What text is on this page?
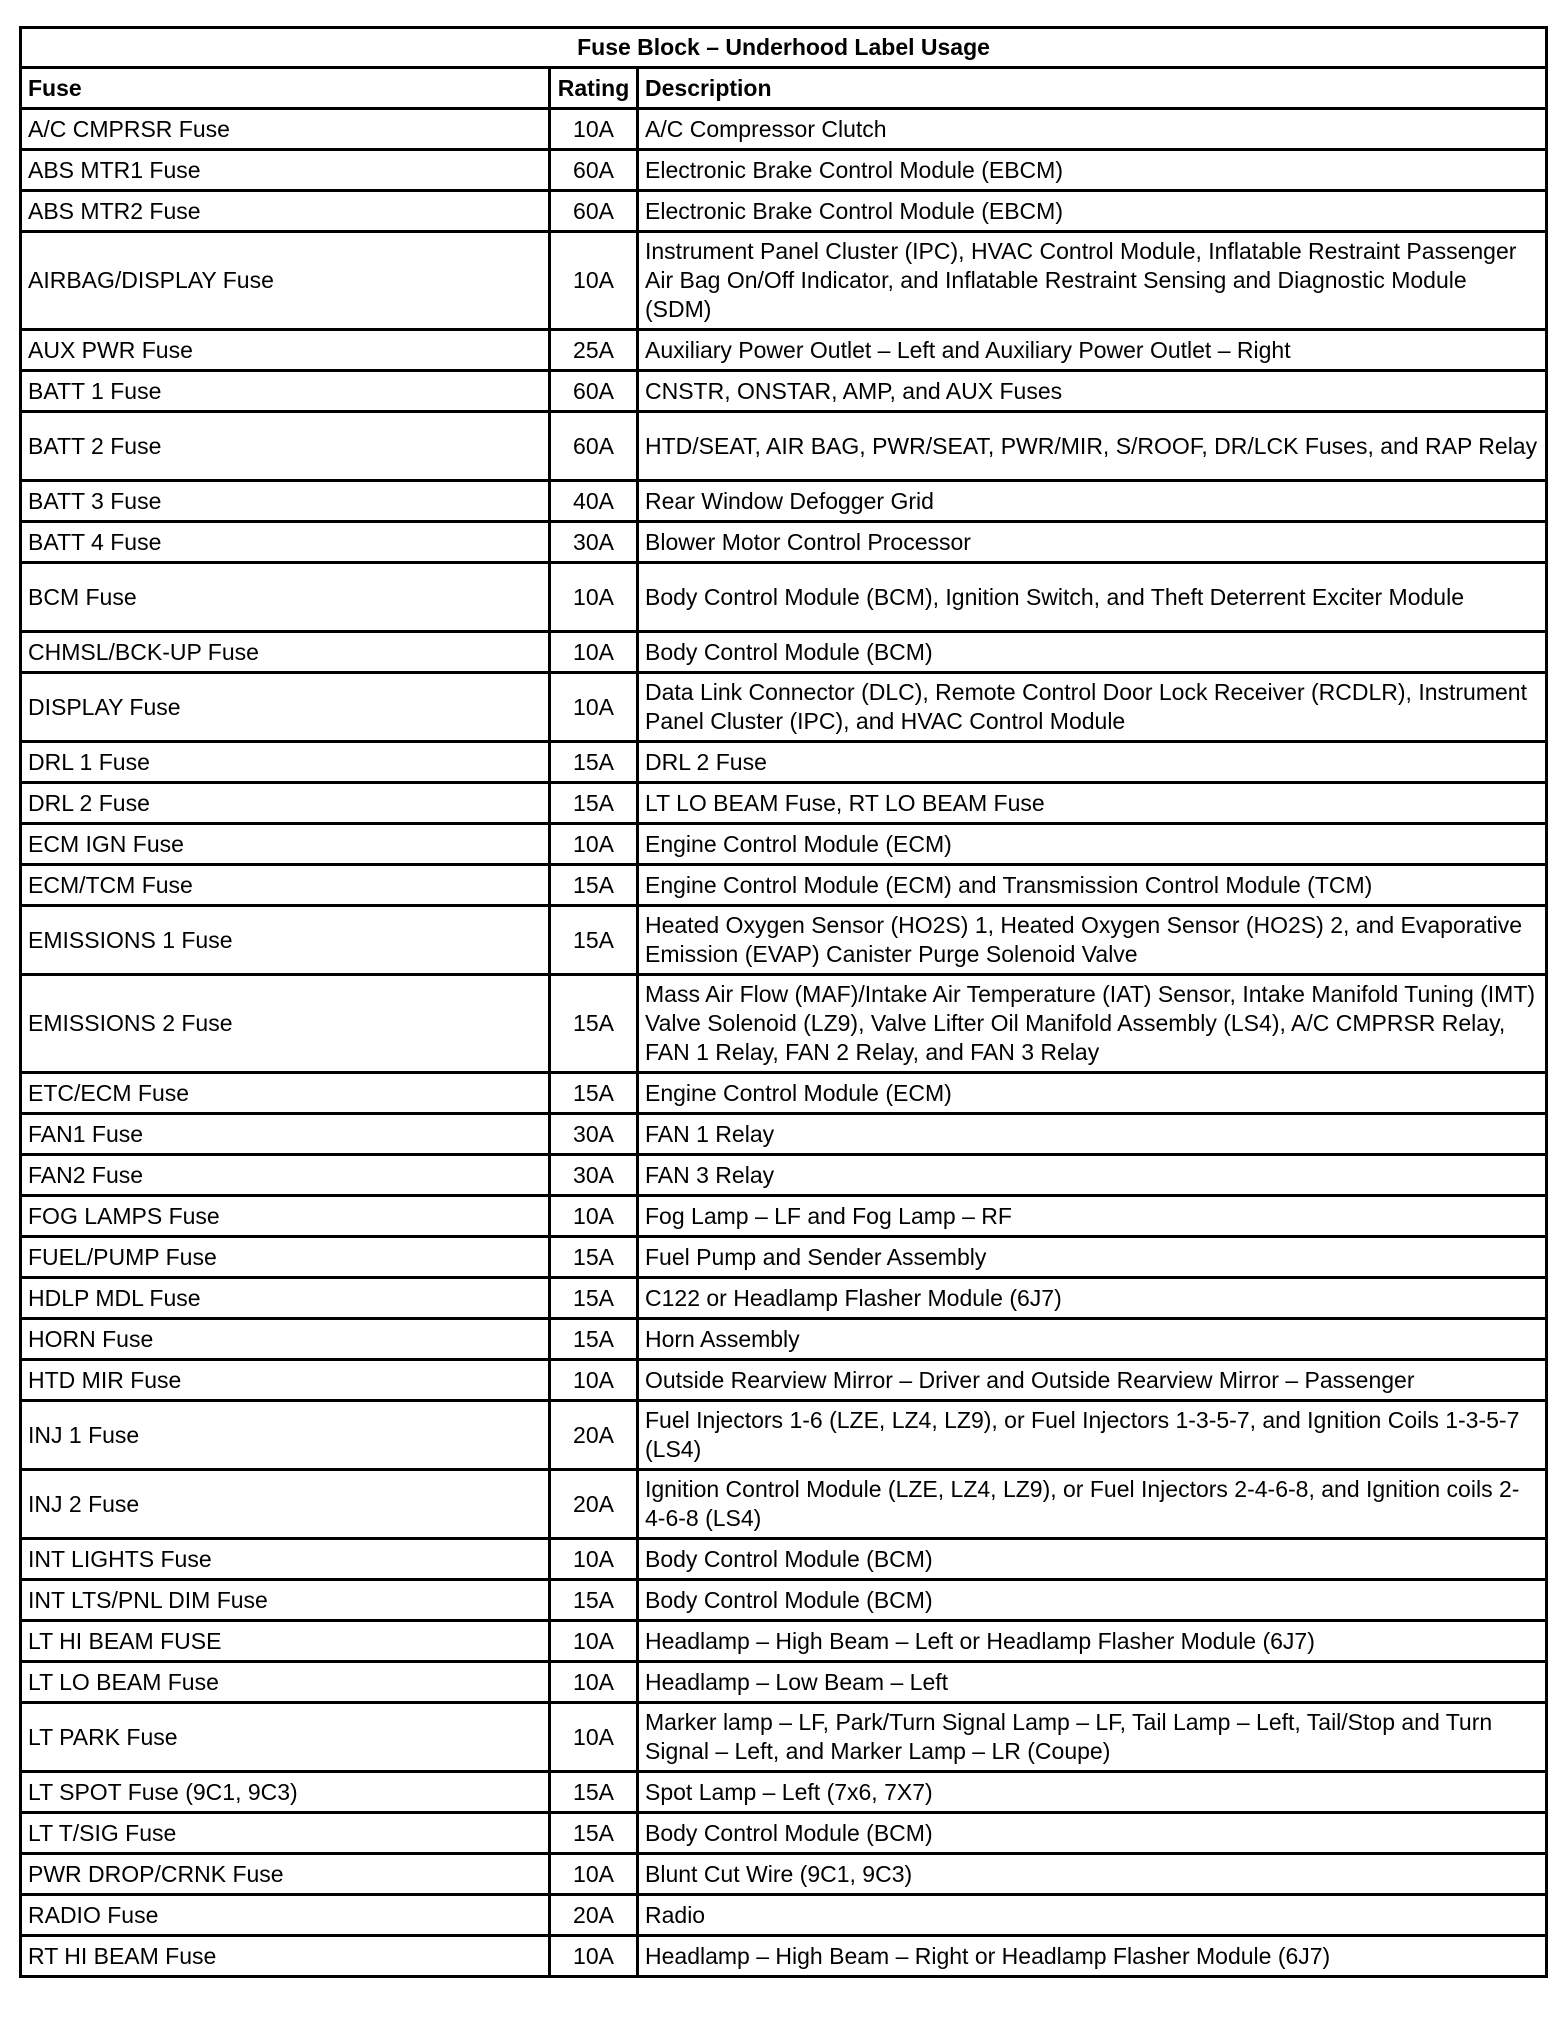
Fuse Block – Underhood Label Usage		
Fuse	Rating	Description
A/C CMPRSR Fuse	10A	A/C Compressor Clutch
ABS MTR1 Fuse	60A	Electronic Brake Control Module (EBCM)
ABS MTR2 Fuse	60A	Electronic Brake Control Module (EBCM)
AIRBAG/DISPLAY Fuse	10A	Instrument Panel Cluster (IPC), HVAC Control Module, Inflatable Restraint Passenger Air Bag On/Off Indicator, and Inflatable Restraint Sensing and Diagnostic Module (SDM)
AUX PWR Fuse	25A	Auxiliary Power Outlet – Left and Auxiliary Power Outlet – Right
BATT 1 Fuse	60A	CNSTR, ONSTAR, AMP, and AUX Fuses
BATT 2 Fuse	60A	HTD/SEAT, AIR BAG, PWR/SEAT, PWR/MIR, S/ROOF, DR/LCK Fuses, and RAP Relay
BATT 3 Fuse	40A	Rear Window Defogger Grid
BATT 4 Fuse	30A	Blower Motor Control Processor
BCM Fuse	10A	Body Control Module (BCM), Ignition Switch, and Theft Deterrent Exciter Module
CHMSL/BCK-UP Fuse	10A	Body Control Module (BCM)
DISPLAY Fuse	10A	Data Link Connector (DLC), Remote Control Door Lock Receiver (RCDLR), Instrument Panel Cluster (IPC), and HVAC Control Module
DRL 1 Fuse	15A	DRL 2 Fuse
DRL 2 Fuse	15A	LT LO BEAM Fuse, RT LO BEAM Fuse
ECM IGN Fuse	10A	Engine Control Module (ECM)
ECM/TCM Fuse	15A	Engine Control Module (ECM) and Transmission Control Module (TCM)
EMISSIONS 1 Fuse	15A	Heated Oxygen Sensor (HO2S) 1, Heated Oxygen Sensor (HO2S) 2, and Evaporative Emission (EVAP) Canister Purge Solenoid Valve
EMISSIONS 2 Fuse	15A	Mass Air Flow (MAF)/Intake Air Temperature (IAT) Sensor, Intake Manifold Tuning (IMT) Valve Solenoid (LZ9), Valve Lifter Oil Manifold Assembly (LS4), A/C CMPRSR Relay, FAN 1 Relay, FAN 2 Relay, and FAN 3 Relay
ETC/ECM Fuse	15A	Engine Control Module (ECM)
FAN1 Fuse	30A	FAN 1 Relay
FAN2 Fuse	30A	FAN 3 Relay
FOG LAMPS Fuse	10A	Fog Lamp – LF and Fog Lamp – RF
FUEL/PUMP Fuse	15A	Fuel Pump and Sender Assembly
HDLP MDL Fuse	15A	C122 or Headlamp Flasher Module (6J7)
HORN Fuse	15A	Horn Assembly
HTD MIR Fuse	10A	Outside Rearview Mirror – Driver and Outside Rearview Mirror – Passenger
INJ 1 Fuse	20A	Fuel Injectors 1-6 (LZE, LZ4, LZ9), or Fuel Injectors 1-3-5-7, and Ignition Coils 1-3-5-7 (LS4)
INJ 2 Fuse	20A	Ignition Control Module (LZE, LZ4, LZ9), or Fuel Injectors 2-4-6-8, and Ignition coils 2-4-6-8 (LS4)
INT LIGHTS Fuse	10A	Body Control Module (BCM)
INT LTS/PNL DIM Fuse	15A	Body Control Module (BCM)
LT HI BEAM FUSE	10A	Headlamp – High Beam – Left or Headlamp Flasher Module (6J7)
LT LO BEAM Fuse	10A	Headlamp – Low Beam – Left
LT PARK Fuse	10A	Marker lamp – LF, Park/Turn Signal Lamp – LF, Tail Lamp – Left, Tail/Stop and Turn Signal – Left, and Marker Lamp – LR (Coupe)
LT SPOT Fuse (9C1, 9C3)	15A	Spot Lamp – Left (7x6, 7X7)
LT T/SIG Fuse	15A	Body Control Module (BCM)
PWR DROP/CRNK Fuse	10A	Blunt Cut Wire (9C1, 9C3)
RADIO Fuse	20A	Radio
RT HI BEAM Fuse	10A	Headlamp – High Beam – Right or Headlamp Flasher Module (6J7)
